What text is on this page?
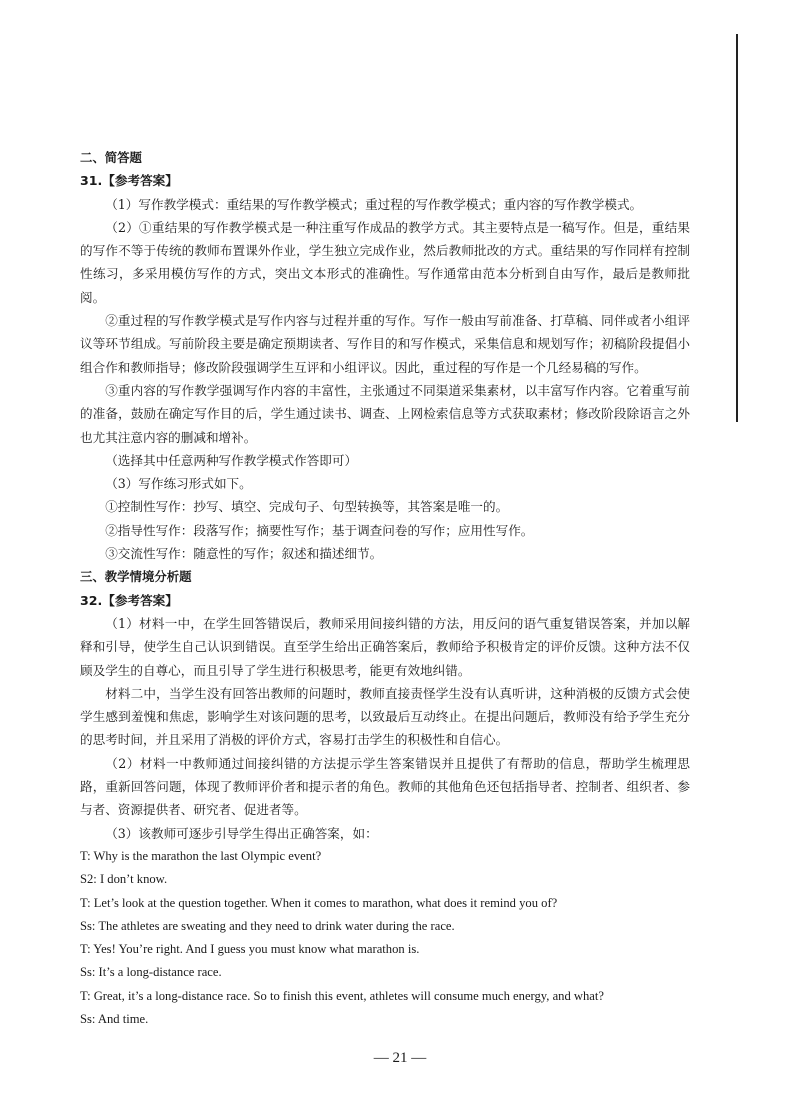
二、简答题

31.【参考答案】

（1）写作教学模式：重结果的写作教学模式；重过程的写作教学模式；重内容的写作教学模式。

（2）①重结果的写作教学模式是一种注重写作成品的教学方式。其主要特点是一稿写作。但是，重结果的写作不等于传统的教师布置课外作业，学生独立完成作业，然后教师批改的方式。重结果的写作同样有控制性练习，多采用模仿写作的方式，突出文本形式的准确性。写作通常由范本分析到自由写作，最后是教师批阅。

②重过程的写作教学模式是写作内容与过程并重的写作。写作一般由写前准备、打草稿、同伴或者小组评议等环节组成。写前阶段主要是确定预期读者、写作目的和写作模式，采集信息和规划写作；初稿阶段提倡小组合作和教师指导；修改阶段强调学生互评和小组评议。因此，重过程的写作是一个几经易稿的写作。

③重内容的写作教学强调写作内容的丰富性，主张通过不同渠道采集素材，以丰富写作内容。它着重写前的准备，鼓励在确定写作目的后，学生通过读书、调查、上网检索信息等方式获取素材；修改阶段除语言之外也尤其注意内容的删减和增补。

（选择其中任意两种写作教学模式作答即可）

（3）写作练习形式如下。

①控制性写作：抄写、填空、完成句子、句型转换等，其答案是唯一的。

②指导性写作：段落写作；摘要性写作；基于调查问卷的写作；应用性写作。

③交流性写作：随意性的写作；叙述和描述细节。

三、教学情境分析题

32.【参考答案】

（1）材料一中，在学生回答错误后，教师采用间接纠错的方法，用反问的语气重复错误答案，并加以解释和引导，使学生自己认识到错误。直至学生给出正确答案后，教师给予积极肯定的评价反馈。这种方法不仅顾及学生的自尊心，而且引导了学生进行积极思考，能更有效地纠错。

材料二中，当学生没有回答出教师的问题时，教师直接责怪学生没有认真听讲，这种消极的反馈方式会使学生感到羞愧和焦虑，影响学生对该问题的思考，以致最后互动终止。在提出问题后，教师没有给予学生充分的思考时间，并且采用了消极的评价方式，容易打击学生的积极性和自信心。

（2）材料一中教师通过间接纠错的方法提示学生答案错误并且提供了有帮助的信息，帮助学生梳理思路，重新回答问题，体现了教师评价者和提示者的角色。教师的其他角色还包括指导者、控制者、组织者、参与者、资源提供者、研究者、促进者等。

（3）该教师可逐步引导学生得出正确答案，如：

T: Why is the marathon the last Olympic event?

S2: I don’t know.

T: Let’s look at the question together. When it comes to marathon, what does it remind you of?

Ss: The athletes are sweating and they need to drink water during the race.

T: Yes! You’re right. And I guess you must know what marathon is.

Ss: It’s a long-distance race.

T: Great, it’s a long-distance race. So to finish this event, athletes will consume much energy, and what?

Ss: And time.

— 21 —
